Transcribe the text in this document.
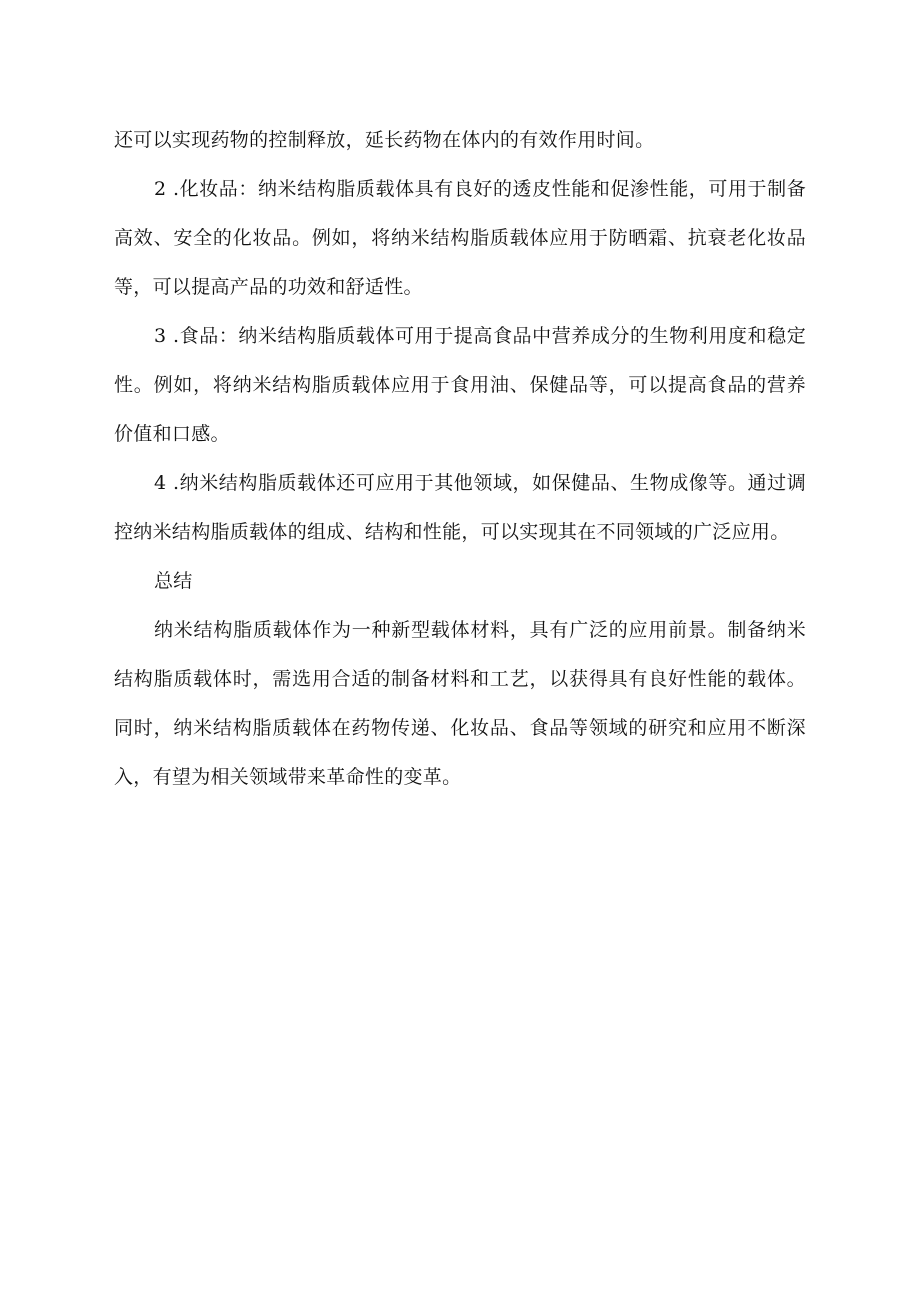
还可以实现药物的控制释放，延长药物在体内的有效作用时间。
2 .化妆品：纳米结构脂质载体具有良好的透皮性能和促渗性能，可用于制备高效、安全的化妆品。例如，将纳米结构脂质载体应用于防晒霜、抗衰老化妆品等，可以提高产品的功效和舒适性。
3 .食品：纳米结构脂质载体可用于提高食品中营养成分的生物利用度和稳定性。例如，将纳米结构脂质载体应用于食用油、保健品等，可以提高食品的营养价值和口感。
4 .纳米结构脂质载体还可应用于其他领域，如保健品、生物成像等。通过调控纳米结构脂质载体的组成、结构和性能，可以实现其在不同领域的广泛应用。
总结
纳米结构脂质载体作为一种新型载体材料，具有广泛的应用前景。制备纳米结构脂质载体时，需选用合适的制备材料和工艺，以获得具有良好性能的载体。同时，纳米结构脂质载体在药物传递、化妆品、食品等领域的研究和应用不断深入，有望为相关领域带来革命性的变革。
